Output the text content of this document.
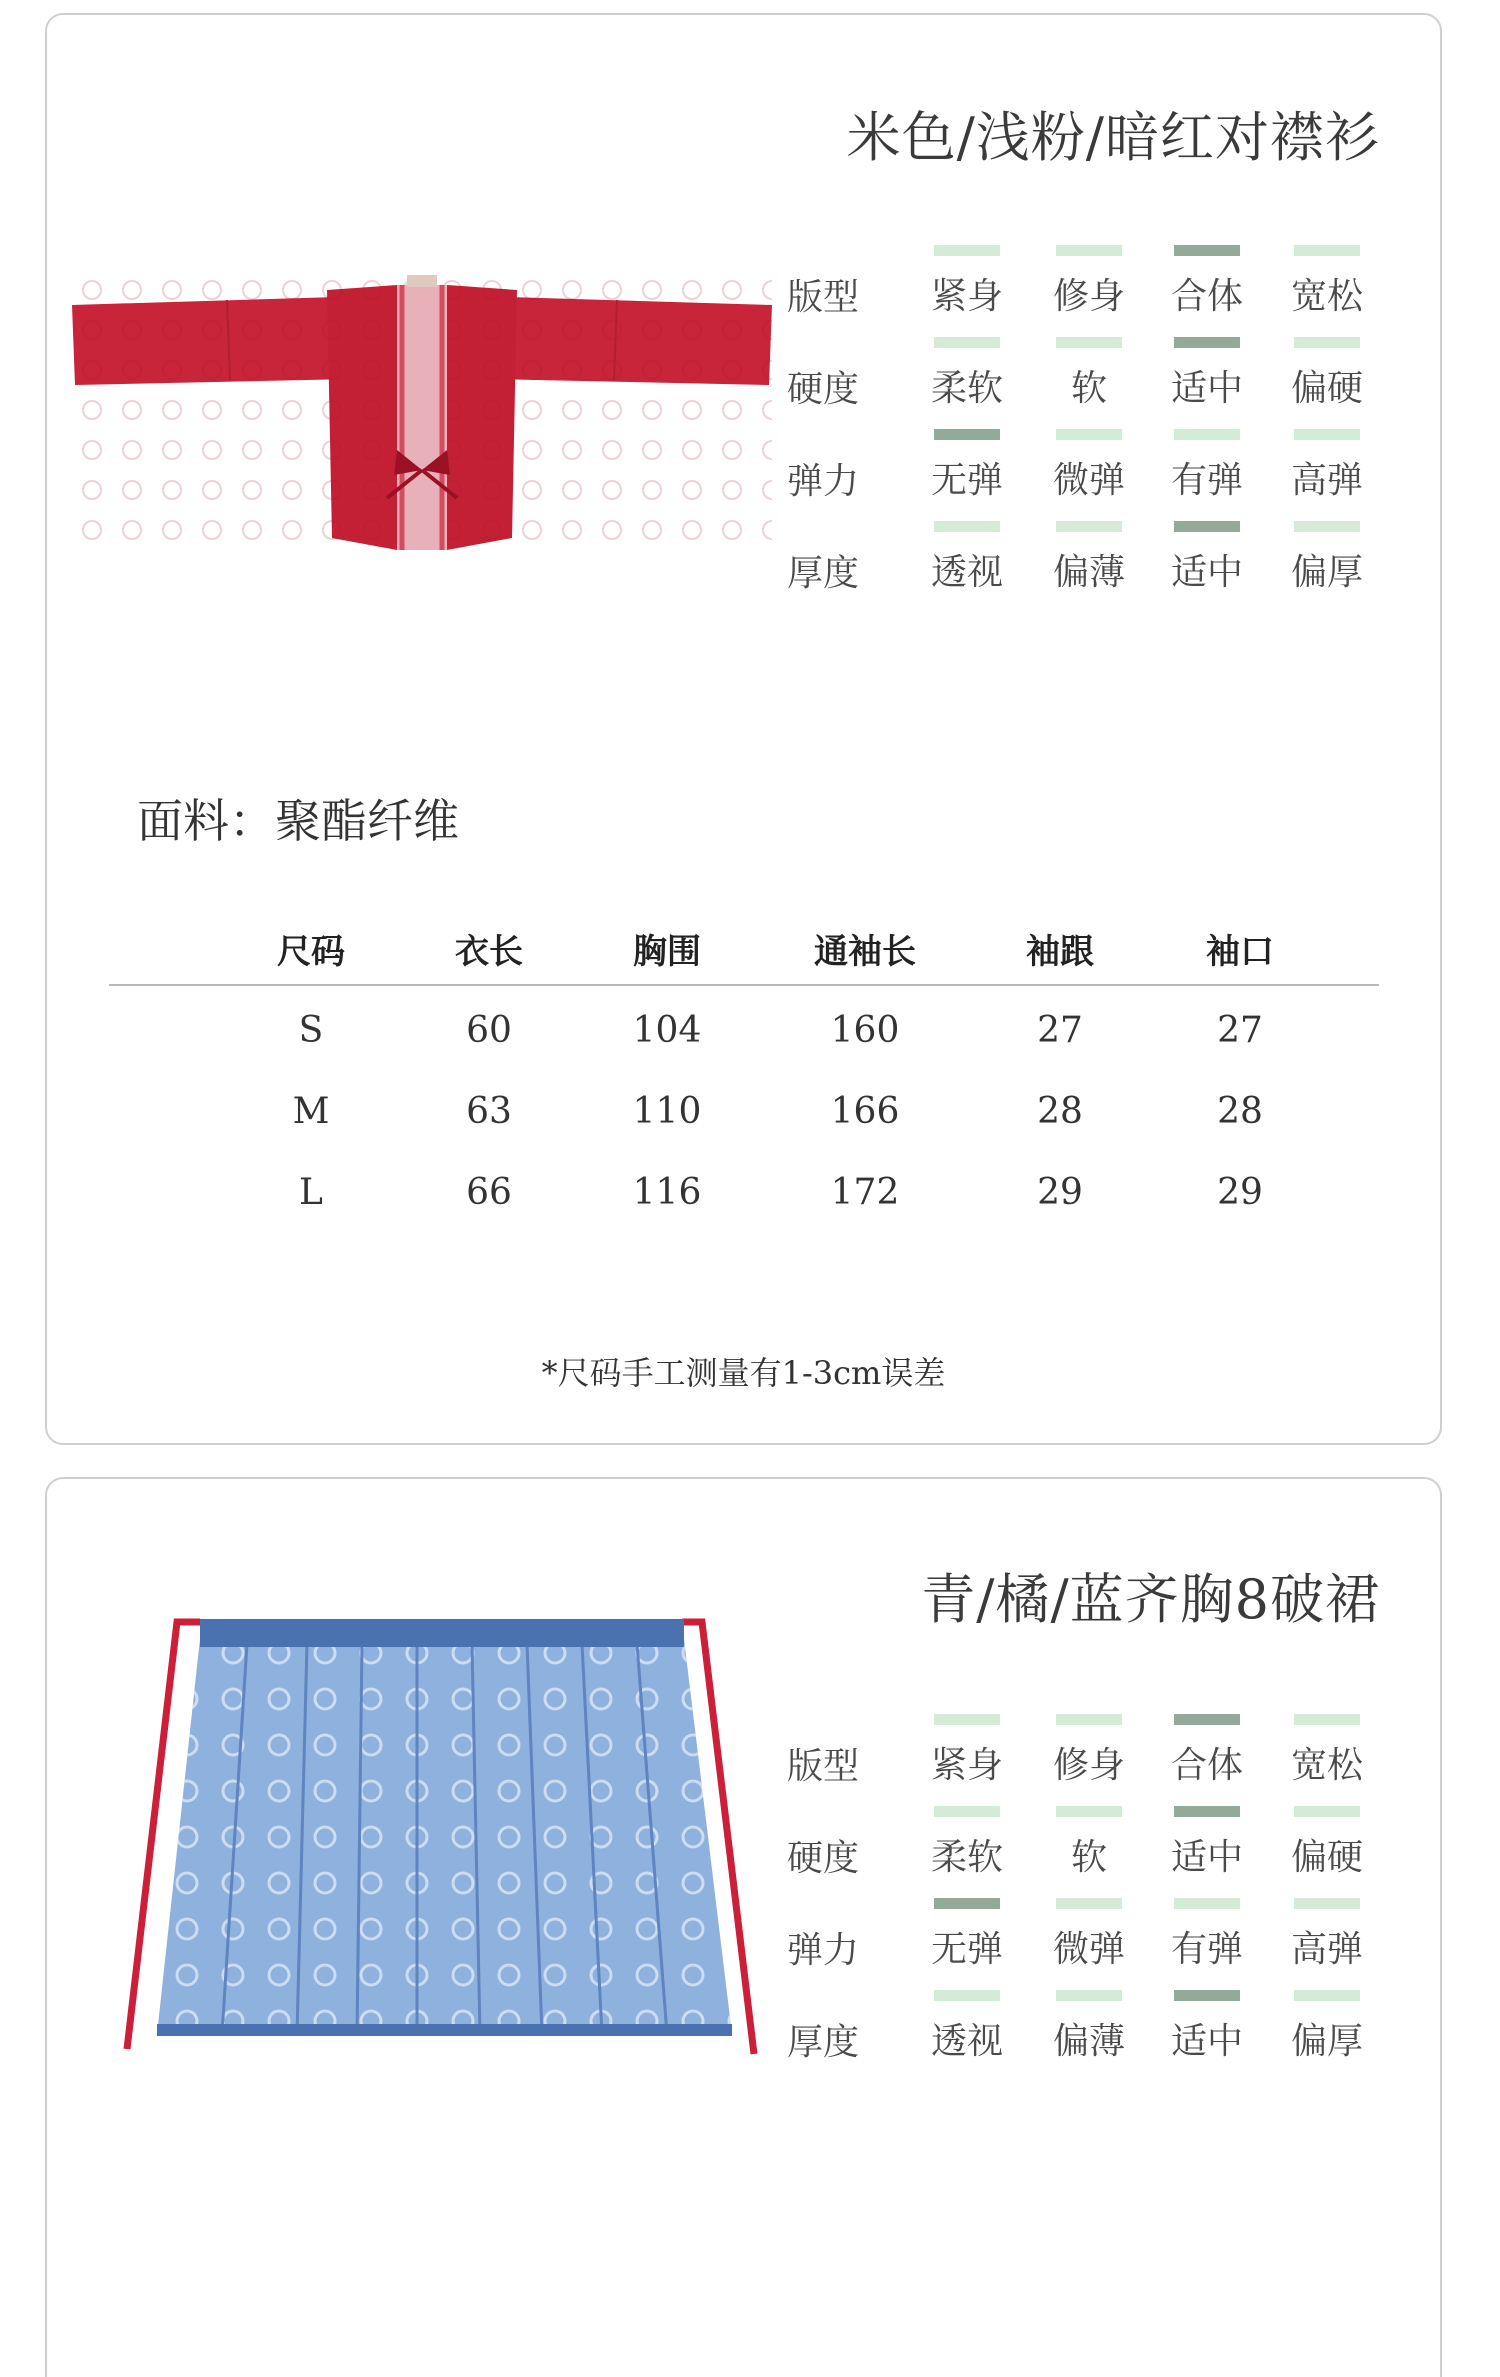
米色/浅粉/暗红对襟衫
版型	紧身	修身	合体	宽松
硬度	柔软	软	适中	偏硬
弹力	无弹	微弹	有弹	高弹
厚度	透视	偏薄	适中	偏厚
面料：聚酯纤维
尺码	衣长	胸围	通袖长	袖跟	袖口
S	60	104	160	27	27
M	63	110	166	28	28
L	66	116	172	29	29
*尺码手工测量有1-3cm误差
青/橘/蓝齐胸8破裙
版型	紧身	修身	合体	宽松
硬度	柔软	软	适中	偏硬
弹力	无弹	微弹	有弹	高弹
厚度	透视	偏薄	适中	偏厚
